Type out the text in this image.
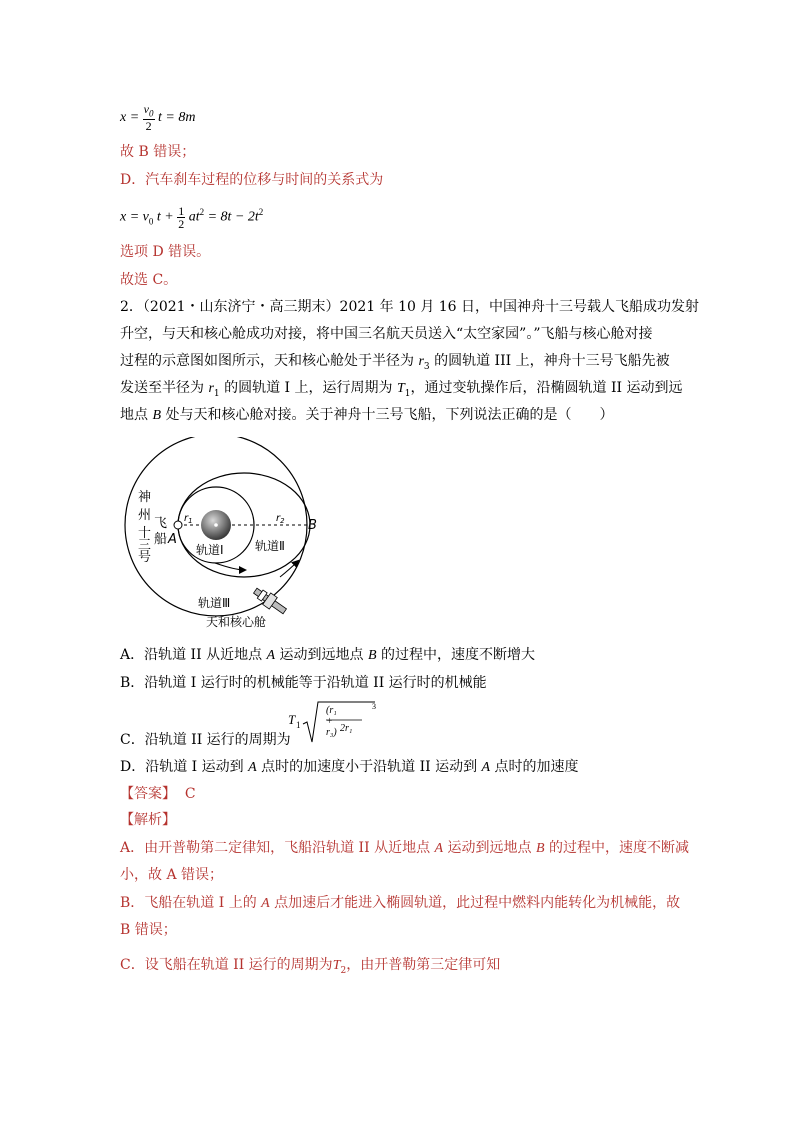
$x = \frac{v_0}{2}$ t = 8m
故 B 错误；
D．汽车刹车过程的位移与时间的关系式为
$x = v_0$ $t + \frac{1}{2} at^2 = 8t - 2t^2$
选项 D 错误。
故选 C。
2．（2021・山东济宁・高三期末）2021 年 10 月 16 日，中国神舟十三号载人飞船成功发射
升空，与天和核心舱成功对接，将中国三名航天员送入“太空家园”。”飞船与核心舱对接
过程的示意图如图所示，天和核心舱处于半径为 $r_3$ 的圆轨道 III 上，神舟十三号飞船先被
发送至半径为 $r_1$ 的圆轨道 I 上，运行周期为 $T_1$，通过变轨操作后，沿椭圆轨道 II 运动到远
地点 B 处与天和核心舱对接。关于神舟十三号飞船，下列说法正确的是（　　）
神
州
十
三
号
飞
船 A
B
$r_1$	$r_2$
轨道Ⅰ	轨道Ⅱ
轨道Ⅲ
天和核心舱
A．沿轨道 II 从近地点 A 运动到远地点 B 的过程中，速度不断增大
B．沿轨道 I 运行时的机械能等于沿轨道 II 运行时的机械能
C．沿轨道 II 运行的周期为
T 1
(r₁ + r₃)
3
2r₁
D．沿轨道 I 运动到 A 点时的加速度小于沿轨道 II 运动到 A 点时的加速度
【答案】 C
【解析】
A．由开普勒第二定律知，飞船沿轨道 II 从近地点 A 运动到远地点 B 的过程中，速度不断减
小，故 A 错误；
B．飞船在轨道 I 上的 A 点加速后才能进入椭圆轨道，此过程中燃料内能转化为机械能，故
B 错误；
C．设飞船在轨道 II 运行的周期为$T_2$，由开普勒第三定律可知
